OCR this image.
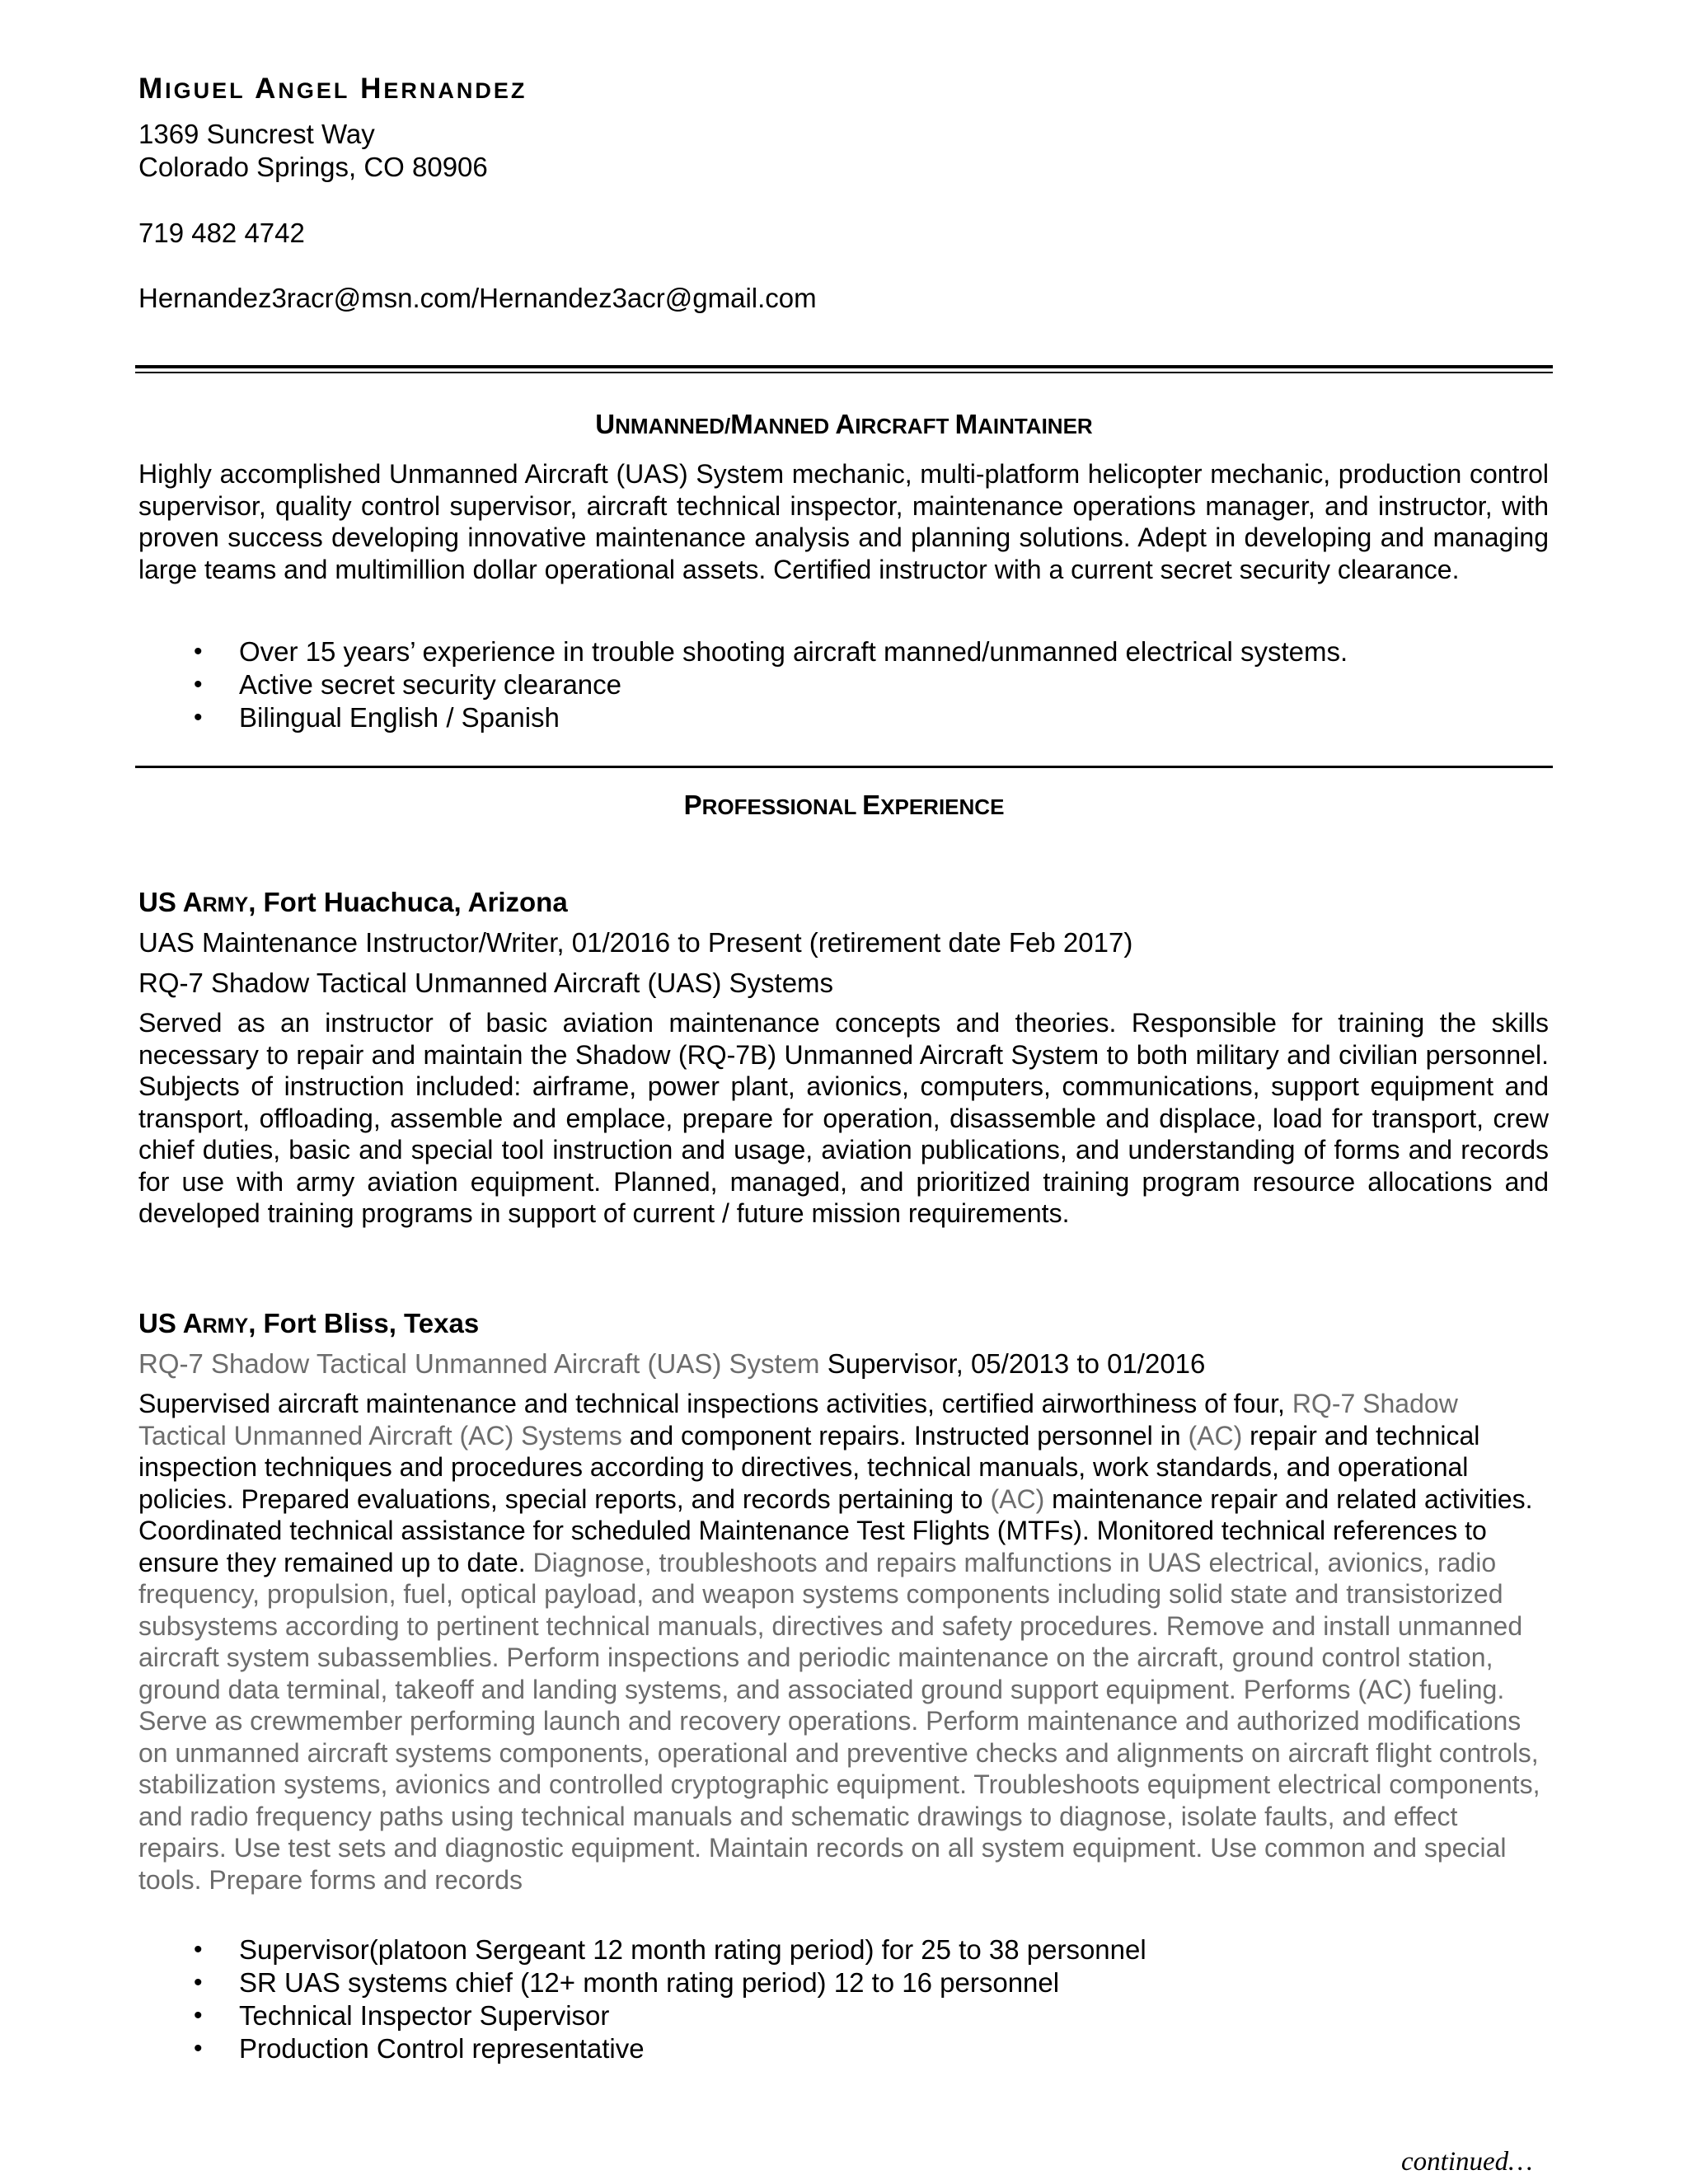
MIGUEL ANGEL HERNANDEZ
1369 Suncrest Way
Colorado Springs, CO 80906
719 482 4742
Hernandez3racr@msn.com/Hernandez3acr@gmail.com
UNMANNED/MANNED AIRCRAFT MAINTAINER
Highly accomplished Unmanned Aircraft (UAS) System mechanic, multi-platform helicopter mechanic, production control supervisor, quality control supervisor, aircraft technical inspector, maintenance operations manager, and instructor, with proven success developing innovative maintenance analysis and planning solutions. Adept in developing and managing large teams and multimillion dollar operational assets. Certified instructor with a current secret security clearance.
• Over 15 years’ experience in trouble shooting aircraft manned/unmanned electrical systems.
• Active secret security clearance
• Bilingual English / Spanish
PROFESSIONAL EXPERIENCE
US ARMY, Fort Huachuca, Arizona
UAS Maintenance Instructor/Writer, 01/2016 to Present (retirement date Feb 2017)
RQ-7 Shadow Tactical Unmanned Aircraft (UAS) Systems
Served as an instructor of basic aviation maintenance concepts and theories. Responsible for training the skills necessary to repair and maintain the Shadow (RQ-7B) Unmanned Aircraft System to both military and civilian personnel. Subjects of instruction included: airframe, power plant, avionics, computers, communications, support equipment and transport, offloading, assemble and emplace, prepare for operation, disassemble and displace, load for transport, crew chief duties, basic and special tool instruction and usage, aviation publications, and understanding of forms and records for use with army aviation equipment. Planned, managed, and prioritized training program resource allocations and developed training programs in support of current / future mission requirements.
US ARMY, Fort Bliss, Texas
RQ-7 Shadow Tactical Unmanned Aircraft (UAS) System Supervisor, 05/2013 to 01/2016
Supervised aircraft maintenance and technical inspections activities, certified airworthiness of four, RQ-7 Shadow Tactical Unmanned Aircraft (AC) Systems and component repairs. Instructed personnel in (AC) repair and technical inspection techniques and procedures according to directives, technical manuals, work standards, and operational policies. Prepared evaluations, special reports, and records pertaining to (AC) maintenance repair and related activities. Coordinated technical assistance for scheduled Maintenance Test Flights (MTFs). Monitored technical references to ensure they remained up to date. Diagnose, troubleshoots and repairs malfunctions in UAS electrical, avionics, radio frequency, propulsion, fuel, optical payload, and weapon systems components including solid state and transistorized subsystems according to pertinent technical manuals, directives and safety procedures. Remove and install unmanned aircraft system subassemblies. Perform inspections and periodic maintenance on the aircraft, ground control station, ground data terminal, takeoff and landing systems, and associated ground support equipment. Performs (AC) fueling. Serve as crewmember performing launch and recovery operations. Perform maintenance and authorized modifications on unmanned aircraft systems components, operational and preventive checks and alignments on aircraft flight controls, stabilization systems, avionics and controlled cryptographic equipment. Troubleshoots equipment electrical components, and radio frequency paths using technical manuals and schematic drawings to diagnose, isolate faults, and effect repairs. Use test sets and diagnostic equipment. Maintain records on all system equipment. Use common and special tools. Prepare forms and records
• Supervisor(platoon Sergeant 12 month rating period) for 25 to 38 personnel
• SR UAS systems chief (12+ month rating period) 12 to 16 personnel
• Technical Inspector Supervisor
• Production Control representative
continued…
